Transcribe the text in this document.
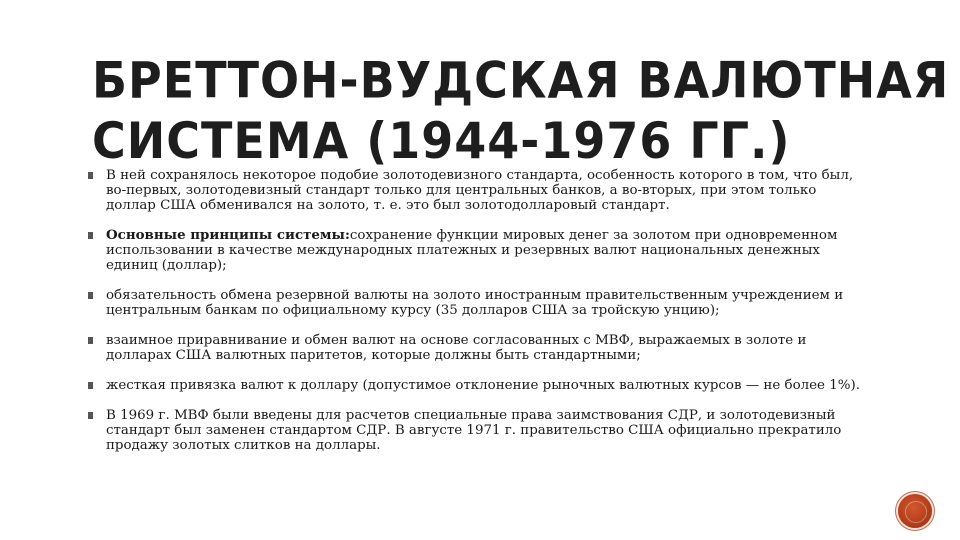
БРЕТТОН-ВУДСКАЯ ВАЛЮТНАЯ
СИСТЕМА (1944-1976 ГГ.)
В ней сохранялось некоторое подобие золотодевизного стандарта, особенность которого в том, что был, во-первых, золотодевизный стандарт только для центральных банков, а во-вторых, при этом только доллар США обменивался на золото, т. е. это был золотодолларовый стандарт.
Основные принципы системы:сохранение функции мировых денег за золотом при одновременном использовании в качестве международных платежных и резервных валют национальных денежных единиц (доллар);
обязательность обмена резервной валюты на золото иностранным правительственным учреждением и центральным банкам по официальному курсу (35 долларов США за тройскую унцию);
взаимное приравнивание и обмен валют на основе согласованных с МВФ, выражаемых в золоте и долларах США валютных паритетов, которые должны быть стандартными;
жесткая привязка валют к доллару (допустимое отклонение рыночных валютных курсов — не более 1%).
В 1969 г. МВФ были введены для расчетов специальные права заимствования СДР, и золотодевизный стандарт был заменен стандартом СДР. В августе 1971 г. правительство США официально прекратило продажу золотых слитков на доллары.
